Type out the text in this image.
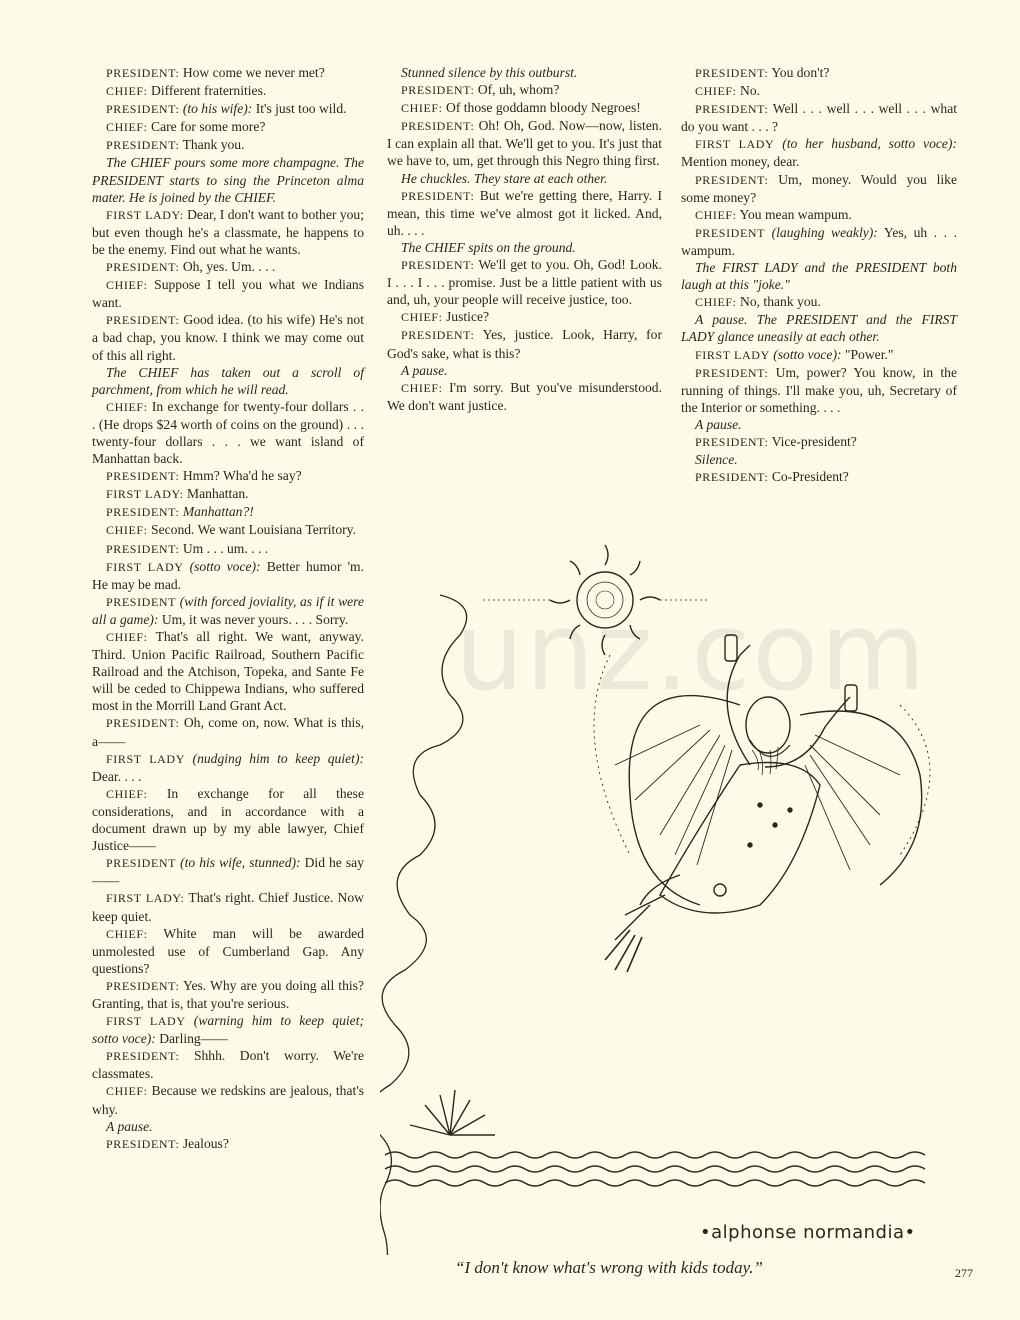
PRESIDENT: How come we never met?

CHIEF: Different fraternities.

PRESIDENT: (to his wife): It's just too wild.

CHIEF: Care for some more?

PRESIDENT: Thank you.

The CHIEF pours some more champagne. The PRESIDENT starts to sing the Princeton alma mater. He is joined by the CHIEF.

FIRST LADY: Dear, I don't want to bother you; but even though he's a classmate, he happens to be the enemy. Find out what he wants.

PRESIDENT: Oh, yes. Um. . . .

CHIEF: Suppose I tell you what we Indians want.

PRESIDENT: Good idea. (to his wife) He's not a bad chap, you know. I think we may come out of this all right.

The CHIEF has taken out a scroll of parchment, from which he will read.

CHIEF: In exchange for twenty-four dollars . . . (He drops $24 worth of coins on the ground) . . . twenty-four dollars . . . we want island of Manhattan back.

PRESIDENT: Hmm? Wha'd he say?

FIRST LADY: Manhattan.

PRESIDENT: Manhattan?!

CHIEF: Second. We want Louisiana Territory.

PRESIDENT: Um . . . um. . . .

FIRST LADY (sotto voce): Better humor 'm. He may be mad.

PRESIDENT (with forced joviality, as if it were all a game): Um, it was never yours. . . . Sorry.

CHIEF: That's all right. We want, anyway. Third. Union Pacific Railroad, Southern Pacific Railroad and the Atchison, Topeka, and Sante Fe will be ceded to Chippewa Indians, who suffered most in the Morrill Land Grant Act.

PRESIDENT: Oh, come on, now. What is this, a——

FIRST LADY (nudging him to keep quiet): Dear. . . .

CHIEF: In exchange for all these considerations, and in accordance with a document drawn up by my able lawyer, Chief Justice——

PRESIDENT (to his wife, stunned): Did he say——

FIRST LADY: That's right. Chief Justice. Now keep quiet.

CHIEF: White man will be awarded unmolested use of Cumberland Gap. Any questions?

PRESIDENT: Yes. Why are you doing all this? Granting, that is, that you're serious.

FIRST LADY (warning him to keep quiet; sotto voce): Darling——

PRESIDENT: Shhh. Don't worry. We're classmates.

CHIEF: Because we redskins are jealous, that's why.

A pause.

PRESIDENT: Jealous?

Stunned silence by this outburst.

PRESIDENT: Of, uh, whom?

CHIEF: Of those goddamn bloody Negroes!

PRESIDENT: Oh! Oh, God. Now—now, listen. I can explain all that. We'll get to you. It's just that we have to, um, get through this Negro thing first.

He chuckles. They stare at each other.

PRESIDENT: But we're getting there, Harry. I mean, this time we've almost got it licked. And, uh. . . .

The CHIEF spits on the ground.

PRESIDENT: We'll get to you. Oh, God! Look. I . . . I . . . promise. Just be a little patient with us and, uh, your people will receive justice, too.

CHIEF: Justice?

PRESIDENT: Yes, justice. Look, Harry, for God's sake, what is this?

A pause.

CHIEF: I'm sorry. But you've misunderstood. We don't want justice.

PRESIDENT: You don't?

CHIEF: No.

PRESIDENT: Well . . . well . . . well . . . what do you want . . . ?

FIRST LADY (to her husband, sotto voce): Mention money, dear.

PRESIDENT: Um, money. Would you like some money?

CHIEF: You mean wampum.

PRESIDENT (laughing weakly): Yes, uh . . . wampum.

The FIRST LADY and the PRESIDENT both laugh at this "joke."

CHIEF: No, thank you.

A pause. The PRESIDENT and the FIRST LADY glance uneasily at each other.

FIRST LADY (sotto voce): "Power."

PRESIDENT: Um, power? You know, in the running of things. I'll make you, uh, Secretary of the Interior or something. . . .

A pause.

PRESIDENT: Vice-president?

Silence.

PRESIDENT: Co-President?

unz.com
•alphonse normandia•
“I don't know what's wrong with kids today.”	277
